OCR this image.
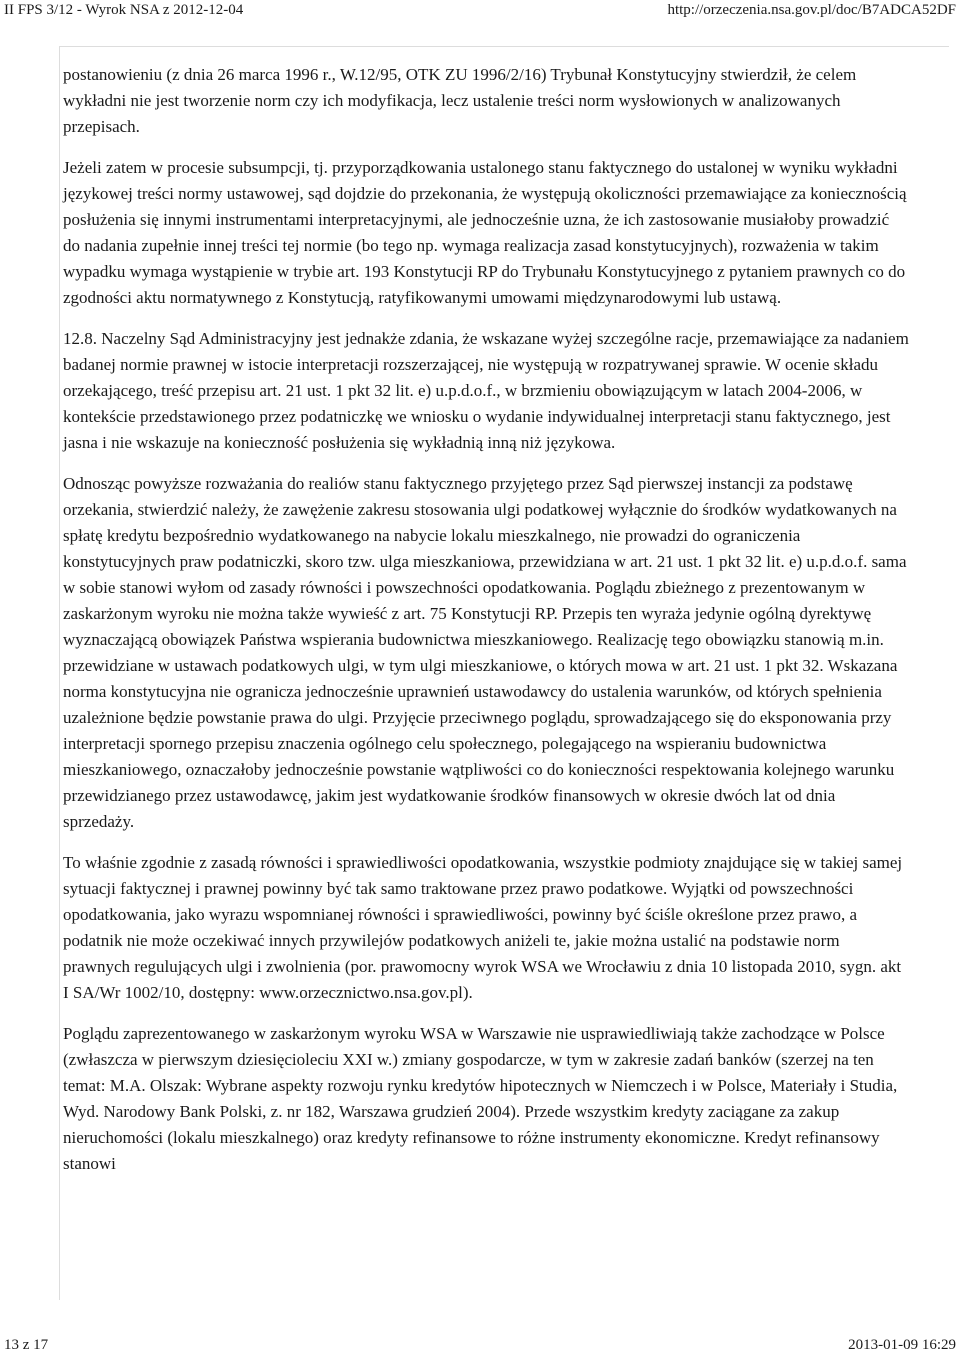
II FPS 3/12 - Wyrok NSA z 2012-12-04	http://orzeczenia.nsa.gov.pl/doc/B7ADCA52DF

postanowieniu (z dnia 26 marca 1996 r., W.12/95, OTK ZU 1996/2/16) Trybunał Konstytucyjny stwierdził, że celem wykładni nie jest tworzenie norm czy ich modyfikacja, lecz ustalenie treści norm wysłowionych w analizowanych przepisach.

Jeżeli zatem w procesie subsumpcji, tj. przyporządkowania ustalonego stanu faktycznego do ustalonej w wyniku wykładni językowej treści normy ustawowej, sąd dojdzie do przekonania, że występują okoliczności przemawiające za koniecznością posłużenia się innymi instrumentami interpretacyjnymi, ale jednocześnie uzna, że ich zastosowanie musiałoby prowadzić do nadania zupełnie innej treści tej normie (bo tego np. wymaga realizacja zasad konstytucyjnych), rozważenia w takim wypadku wymaga wystąpienie w trybie art. 193 Konstytucji RP do Trybunału Konstytucyjnego z pytaniem prawnych co do zgodności aktu normatywnego z Konstytucją, ratyfikowanymi umowami międzynarodowymi lub ustawą.

12.8. Naczelny Sąd Administracyjny jest jednakże zdania, że wskazane wyżej szczególne racje, przemawiające za nadaniem badanej normie prawnej w istocie interpretacji rozszerzającej, nie występują w rozpatrywanej sprawie. W ocenie składu orzekającego, treść przepisu art. 21 ust. 1 pkt 32 lit. e) u.p.d.o.f., w brzmieniu obowiązującym w latach 2004-2006, w kontekście przedstawionego przez podatniczkę we wniosku o wydanie indywidualnej interpretacji stanu faktycznego, jest jasna i nie wskazuje na konieczność posłużenia się wykładnią inną niż językowa.

Odnosząc powyższe rozważania do realiów stanu faktycznego przyjętego przez Sąd pierwszej instancji za podstawę orzekania, stwierdzić należy, że zawężenie zakresu stosowania ulgi podatkowej wyłącznie do środków wydatkowanych na spłatę kredytu bezpośrednio wydatkowanego na nabycie lokalu mieszkalnego, nie prowadzi do ograniczenia konstytucyjnych praw podatniczki, skoro tzw. ulga mieszkaniowa, przewidziana w art. 21 ust. 1 pkt 32 lit. e) u.p.d.o.f. sama w sobie stanowi wyłom od zasady równości i powszechności opodatkowania. Poglądu zbieżnego z prezentowanym w zaskarżonym wyroku nie można także wywieść z art. 75 Konstytucji RP. Przepis ten wyraża jedynie ogólną dyrektywę wyznaczającą obowiązek Państwa wspierania budownictwa mieszkaniowego. Realizację tego obowiązku stanowią m.in. przewidziane w ustawach podatkowych ulgi, w tym ulgi mieszkaniowe, o których mowa w art. 21 ust. 1 pkt 32. Wskazana norma konstytucyjna nie ogranicza jednocześnie uprawnień ustawodawcy do ustalenia warunków, od których spełnienia uzależnione będzie powstanie prawa do ulgi. Przyjęcie przeciwnego poglądu, sprowadzającego się do eksponowania przy interpretacji spornego przepisu znaczenia ogólnego celu społecznego, polegającego na wspieraniu budownictwa mieszkaniowego, oznaczałoby jednocześnie powstanie wątpliwości co do konieczności respektowania kolejnego warunku przewidzianego przez ustawodawcę, jakim jest wydatkowanie środków finansowych w okresie dwóch lat od dnia sprzedaży.

To właśnie zgodnie z zasadą równości i sprawiedliwości opodatkowania, wszystkie podmioty znajdujące się w takiej samej sytuacji faktycznej i prawnej powinny być tak samo traktowane przez prawo podatkowe. Wyjątki od powszechności opodatkowania, jako wyrazu wspomnianej równości i sprawiedliwości, powinny być ściśle określone przez prawo, a podatnik nie może oczekiwać innych przywilejów podatkowych aniżeli te, jakie można ustalić na podstawie norm prawnych regulujących ulgi i zwolnienia (por. prawomocny wyrok WSA we Wrocławiu z dnia 10 listopada 2010, sygn. akt I SA/Wr 1002/10, dostępny: www.orzecznictwo.nsa.gov.pl).

Poglądu zaprezentowanego w zaskarżonym wyroku WSA w Warszawie nie usprawiedliwiają także zachodzące w Polsce (zwłaszcza w pierwszym dziesięcioleciu XXI w.) zmiany gospodarcze, w tym w zakresie zadań banków (szerzej na ten temat: M.A. Olszak: Wybrane aspekty rozwoju rynku kredytów hipotecznych w Niemczech i w Polsce, Materiały i Studia, Wyd. Narodowy Bank Polski, z. nr 182, Warszawa grudzień 2004). Przede wszystkim kredyty zaciągane za zakup nieruchomości (lokalu mieszkalnego) oraz kredyty refinansowe to różne instrumenty ekonomiczne. Kredyt refinansowy stanowi

13 z 17	2013-01-09 16:29
